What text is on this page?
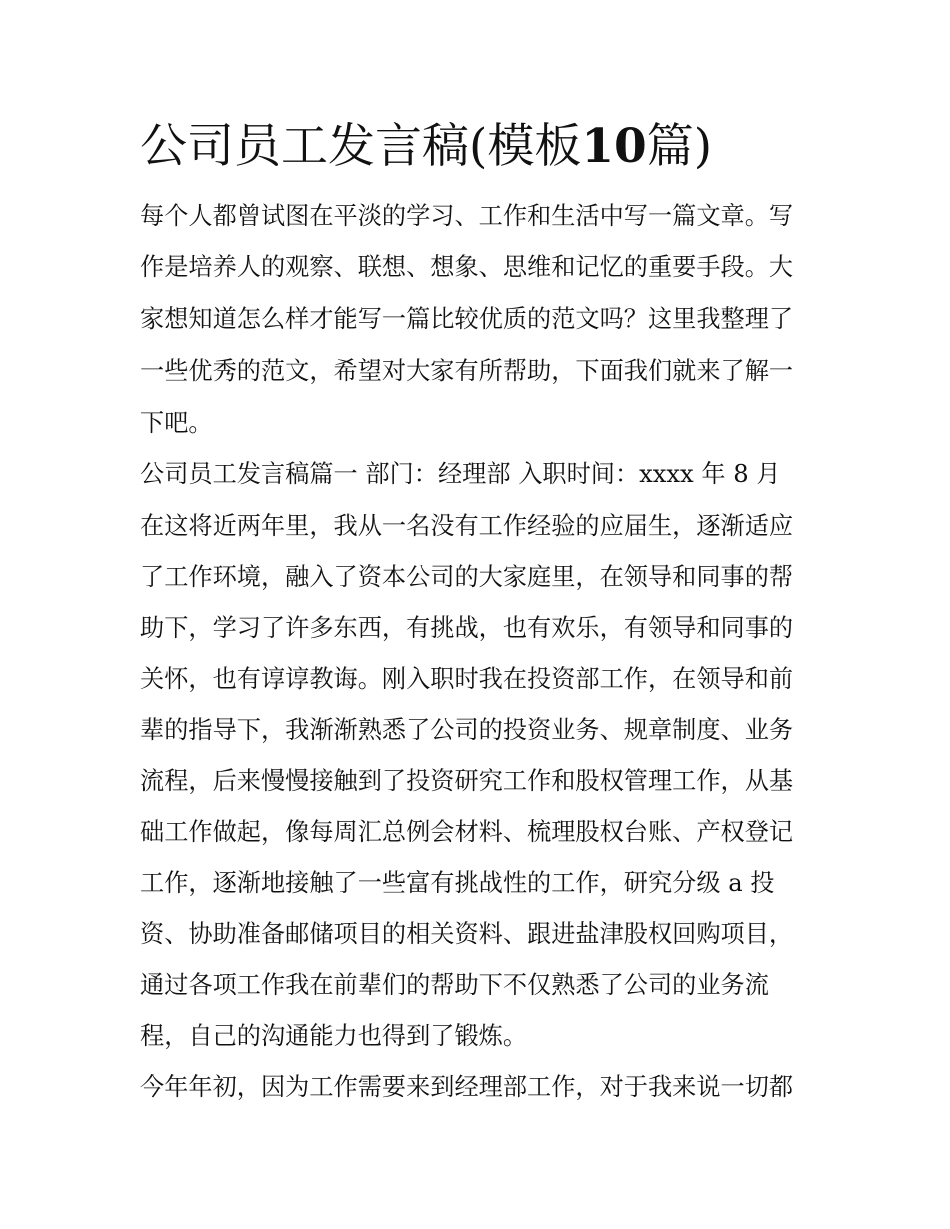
公司员工发言稿(模板10篇)

每个人都曾试图在平淡的学习、工作和生活中写一篇文章。写

作是培养人的观察、联想、想象、思维和记忆的重要手段。大

家想知道怎么样才能写一篇比较优质的范文吗？这里我整理了

一些优秀的范文，希望对大家有所帮助，下面我们就来了解一

下吧。

公司员工发言稿篇一 部门：经理部 入职时间：xxxx 年 8 月

在这将近两年里，我从一名没有工作经验的应届生，逐渐适应

了工作环境，融入了资本公司的大家庭里，在领导和同事的帮

助下，学习了许多东西，有挑战，也有欢乐，有领导和同事的

关怀，也有谆谆教诲。刚入职时我在投资部工作，在领导和前

辈的指导下，我渐渐熟悉了公司的投资业务、规章制度、业务

流程，后来慢慢接触到了投资研究工作和股权管理工作，从基

础工作做起，像每周汇总例会材料、梳理股权台账、产权登记

工作，逐渐地接触了一些富有挑战性的工作，研究分级 a 投

资、协助准备邮储项目的相关资料、跟进盐津股权回购项目，

通过各项工作我在前辈们的帮助下不仅熟悉了公司的业务流

程，自己的沟通能力也得到了锻炼。

今年年初，因为工作需要来到经理部工作，对于我来说一切都
